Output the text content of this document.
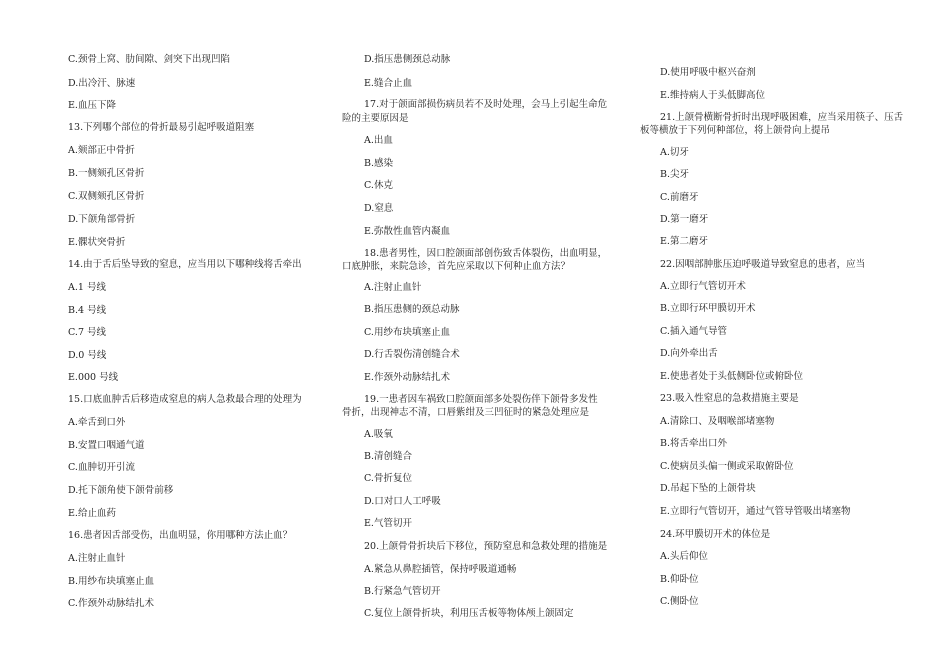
C.颈骨上窝、肋间隙、剑突下出现凹陷
D.出冷汗、脉速
E.血压下降
13.下列哪个部位的骨折最易引起呼吸道阻塞
A.颏部正中骨折
B.一侧颏孔区骨折
C.双侧颏孔区骨折
D.下颌角部骨折
E.髁状突骨折
14.由于舌后坠导致的窒息，应当用以下哪种线将舌牵出
A.1 号线
B.4 号线
C.7 号线
D.0 号线
E.000 号线
15.口底血肿舌后移造成窒息的病人急救最合理的处理为
A.牵舌到口外
B.安置口咽通气道
C.血肿切开引流
D.托下颌角使下颌骨前移
E.给止血药
16.患者因舌部受伤，出血明显，你用哪种方法止血？
A.注射止血针
B.用纱布块填塞止血
C.作颈外动脉结扎术
D.指压患侧颈总动脉
E.缝合止血
17.对于颌面部损伤病员若不及时处理，会马上引起生命危
险的主要原因是
A.出血
B.感染
C.休克
D.窒息
E.弥散性血管内凝血
18.患者男性，因口腔颌面部创伤致舌体裂伤，出血明显，
口底肿胀，来院急诊，首先应采取以下何种止血方法？
A.注射止血针
B.指压患侧的颈总动脉
C.用纱布块填塞止血
D.行舌裂伤清创缝合术
E.作颈外动脉结扎术
19.一患者因车祸致口腔颌面部多处裂伤伴下颌骨多发性
骨折，出现神志不清，口唇紫绀及三凹征时的紧急处理应是
A.吸氧
B.清创缝合
C.骨折复位
D.口对口人工呼吸
E.气管切开
20.上颌骨骨折块后下移位，预防窒息和急救处理的措施是
A.紧急从鼻腔插管，保持呼吸道通畅
B.行紧急气管切开
C.复位上颌骨折块，利用压舌板等物体颅上颌固定
D.使用呼吸中枢兴奋剂
E.维持病人于头低脚高位
21.上颌骨横断骨折时出现呼吸困难，应当采用筷子、压舌
板等横放于下列何种部位，将上颌骨向上提吊
A.切牙
B.尖牙
C.前磨牙
D.第一磨牙
E.第二磨牙
22.因咽部肿胀压迫呼吸道导致窒息的患者，应当
A.立即行气管切开术
B.立即行环甲膜切开术
C.插入通气导管
D.向外牵出舌
E.使患者处于头低侧卧位或俯卧位
23.吸入性窒息的急救措施主要是
A.清除口、及咽喉部堵塞物
B.将舌牵出口外
C.使病员头偏一侧或采取俯卧位
D.吊起下坠的上颌骨块
E.立即行气管切开，通过气管导管吸出堵塞物
24.环甲膜切开术的体位是
A.头后仰位
B.仰卧位
C.侧卧位
